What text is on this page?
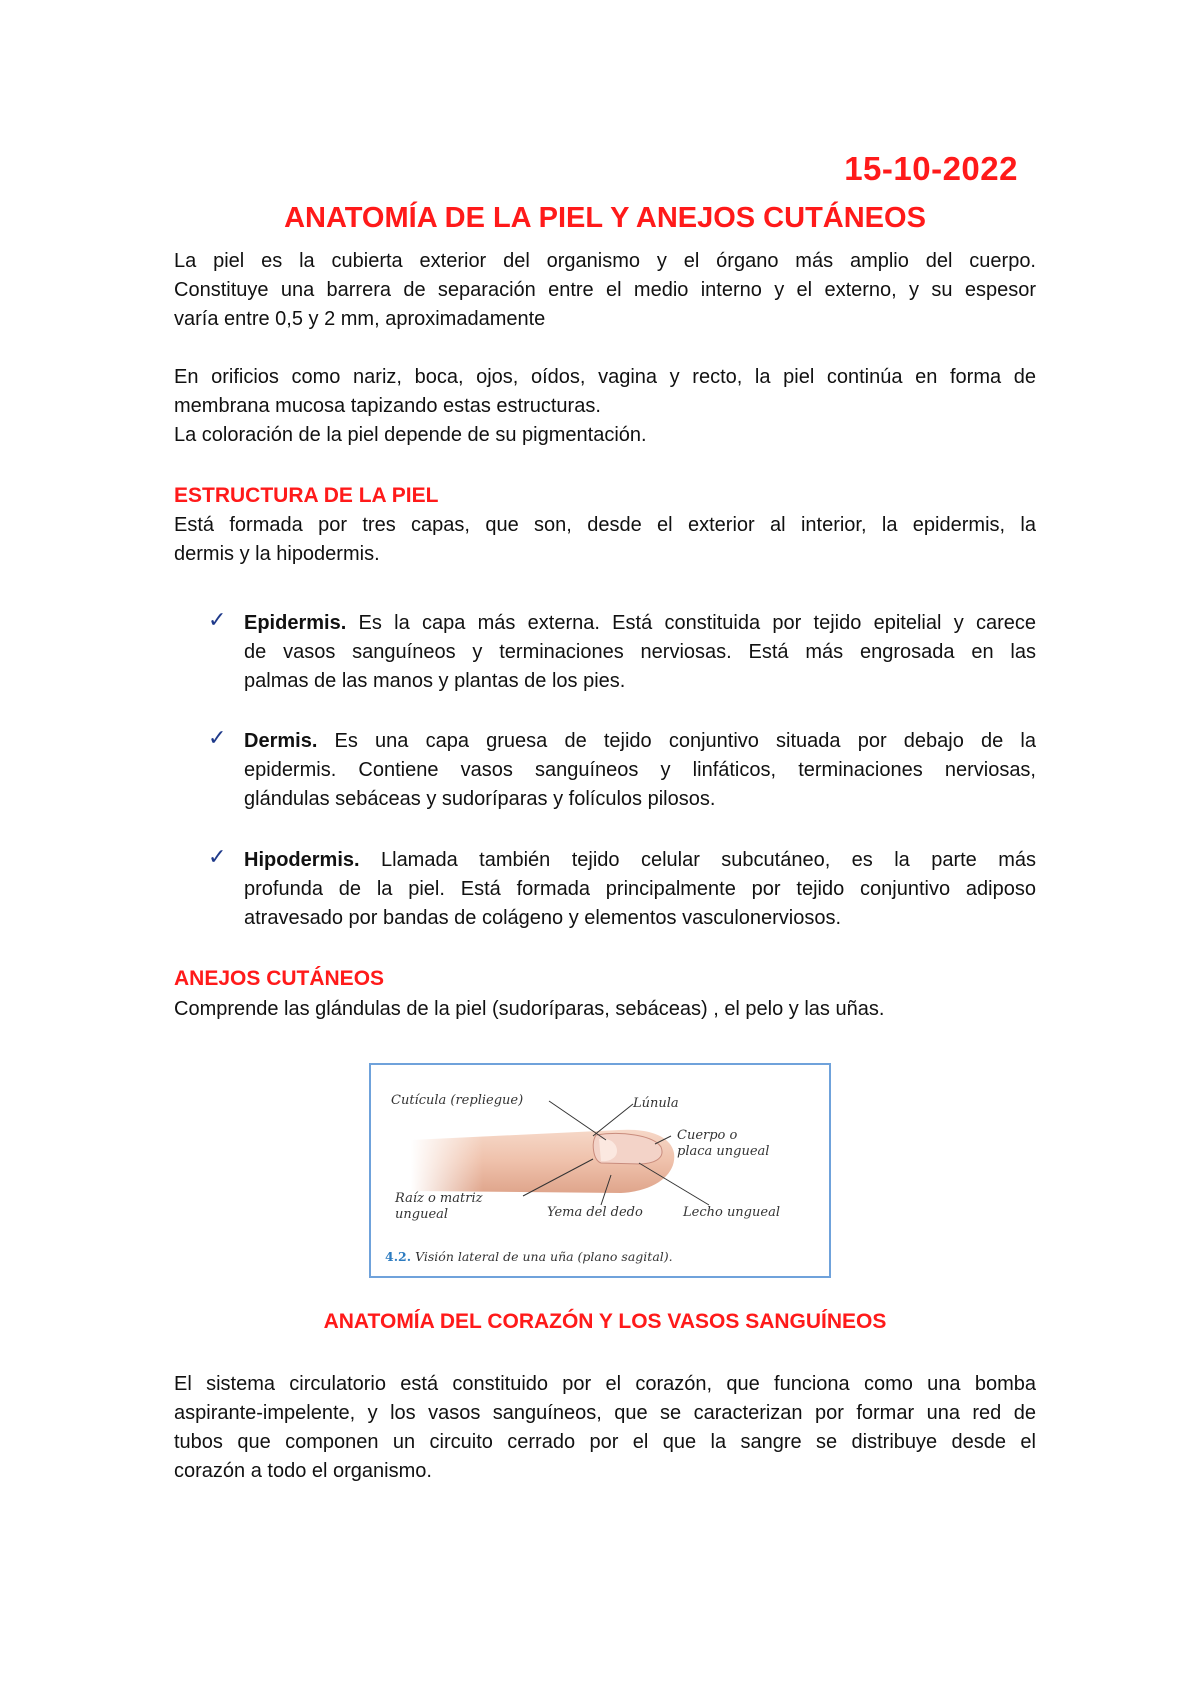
15-10-2022
ANATOMÍA DE LA PIEL Y ANEJOS CUTÁNEOS
La piel es la cubierta exterior del organismo y el órgano más amplio del cuerpo.
Constituye una barrera de separación entre el medio interno y el externo, y su espesor
varía entre 0,5 y 2 mm, aproximadamente
En orificios como nariz, boca, ojos, oídos, vagina y recto, la piel continúa en forma de
membrana mucosa tapizando estas estructuras.
La coloración de la piel depende de su pigmentación.
ESTRUCTURA DE LA PIEL
Está formada por tres capas, que son, desde el exterior al interior, la epidermis, la
dermis y la hipodermis.
✓ Epidermis. Es la capa más externa. Está constituida por tejido epitelial y carece
de vasos sanguíneos y terminaciones nerviosas. Está más engrosada en las
palmas de las manos y plantas de los pies.
✓ Dermis. Es una capa gruesa de tejido conjuntivo situada por debajo de la
epidermis. Contiene vasos sanguíneos y linfáticos, terminaciones nerviosas,
glándulas sebáceas y sudoríparas y folículos pilosos.
✓ Hipodermis. Llamada también tejido celular subcutáneo, es la parte más
profunda de la piel. Está formada principalmente por tejido conjuntivo adiposo
atravesado por bandas de colágeno y elementos vasculonerviosos.
ANEJOS CUTÁNEOS
Comprende las glándulas de la piel (sudoríparas, sebáceas) , el pelo y las uñas.
Cutícula (repliegue)	Lúnula
Cuerpo o
placa ungueal
Raíz o matriz
ungueal	Yema del dedo	Lecho ungueal
4.2. Visión lateral de una uña (plano sagital).
ANATOMÍA DEL CORAZÓN Y LOS VASOS SANGUÍNEOS
El sistema circulatorio está constituido por el corazón, que funciona como una bomba
aspirante-impelente, y los vasos sanguíneos, que se caracterizan por formar una red de
tubos que componen un circuito cerrado por el que la sangre se distribuye desde el
corazón a todo el organismo.
